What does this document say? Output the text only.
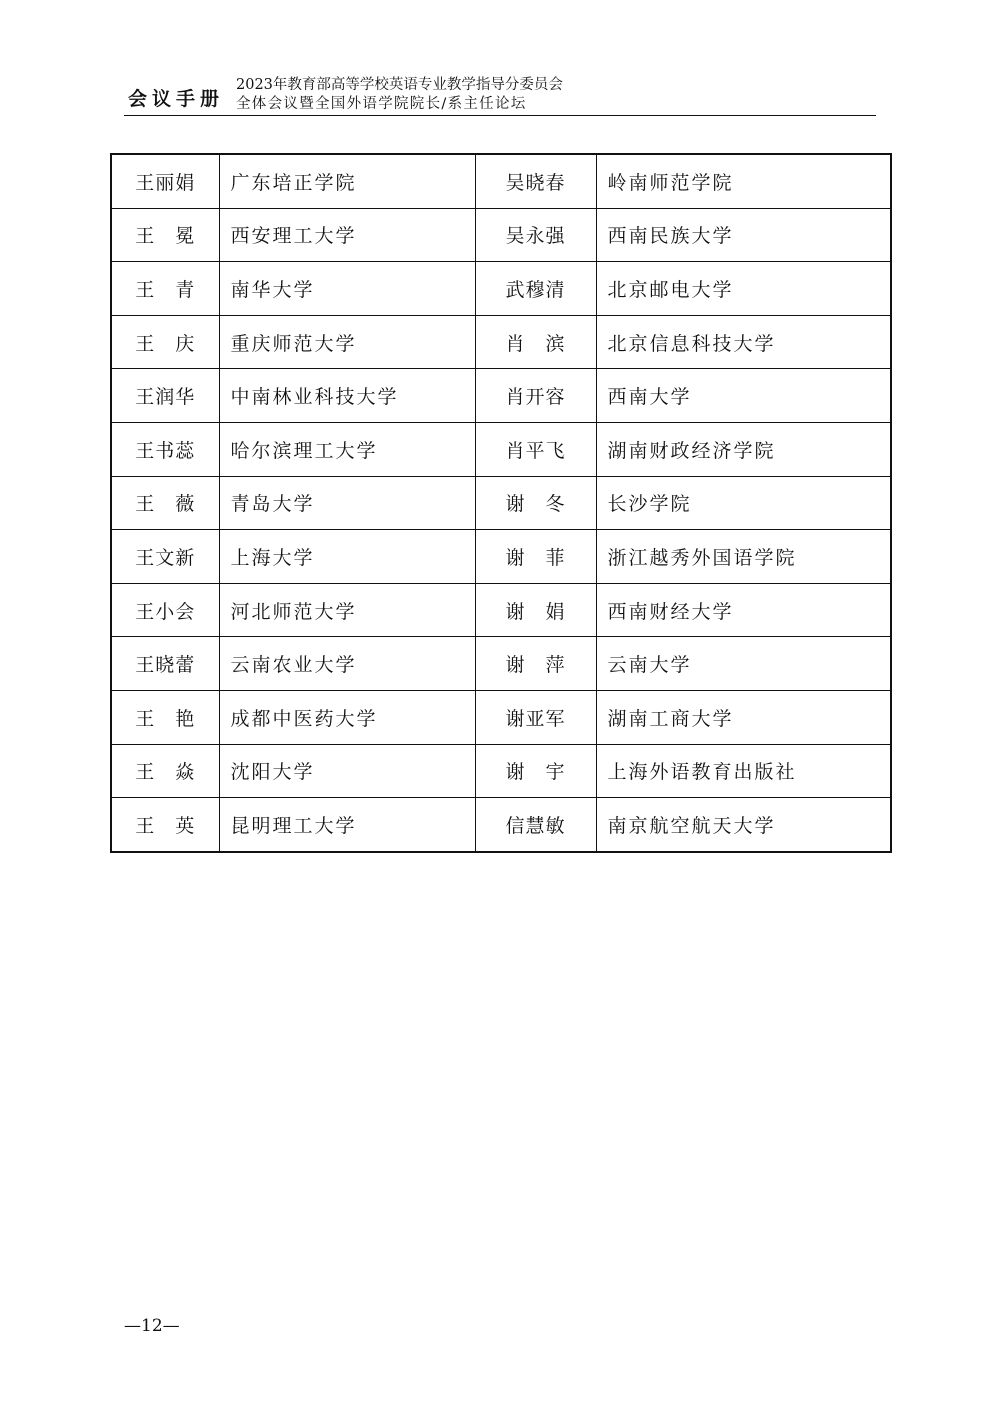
会议手册
2023年教育部高等学校英语专业教学指导分委员会
全体会议暨全国外语学院院长/系主任论坛
王丽娟	广东培正学院	吴晓春	岭南师范学院
王　冕	西安理工大学	吴永强	西南民族大学
王　青	南华大学	武穆清	北京邮电大学
王　庆	重庆师范大学	肖　滨	北京信息科技大学
王润华	中南林业科技大学	肖开容	西南大学
王书蕊	哈尔滨理工大学	肖平飞	湖南财政经济学院
王　薇	青岛大学	谢　冬	长沙学院
王文新	上海大学	谢　菲	浙江越秀外国语学院
王小会	河北师范大学	谢　娟	西南财经大学
王晓蕾	云南农业大学	谢　萍	云南大学
王　艳	成都中医药大学	谢亚军	湖南工商大学
王　焱	沈阳大学	谢　宇	上海外语教育出版社
王　英	昆明理工大学	信慧敏	南京航空航天大学
—12—
